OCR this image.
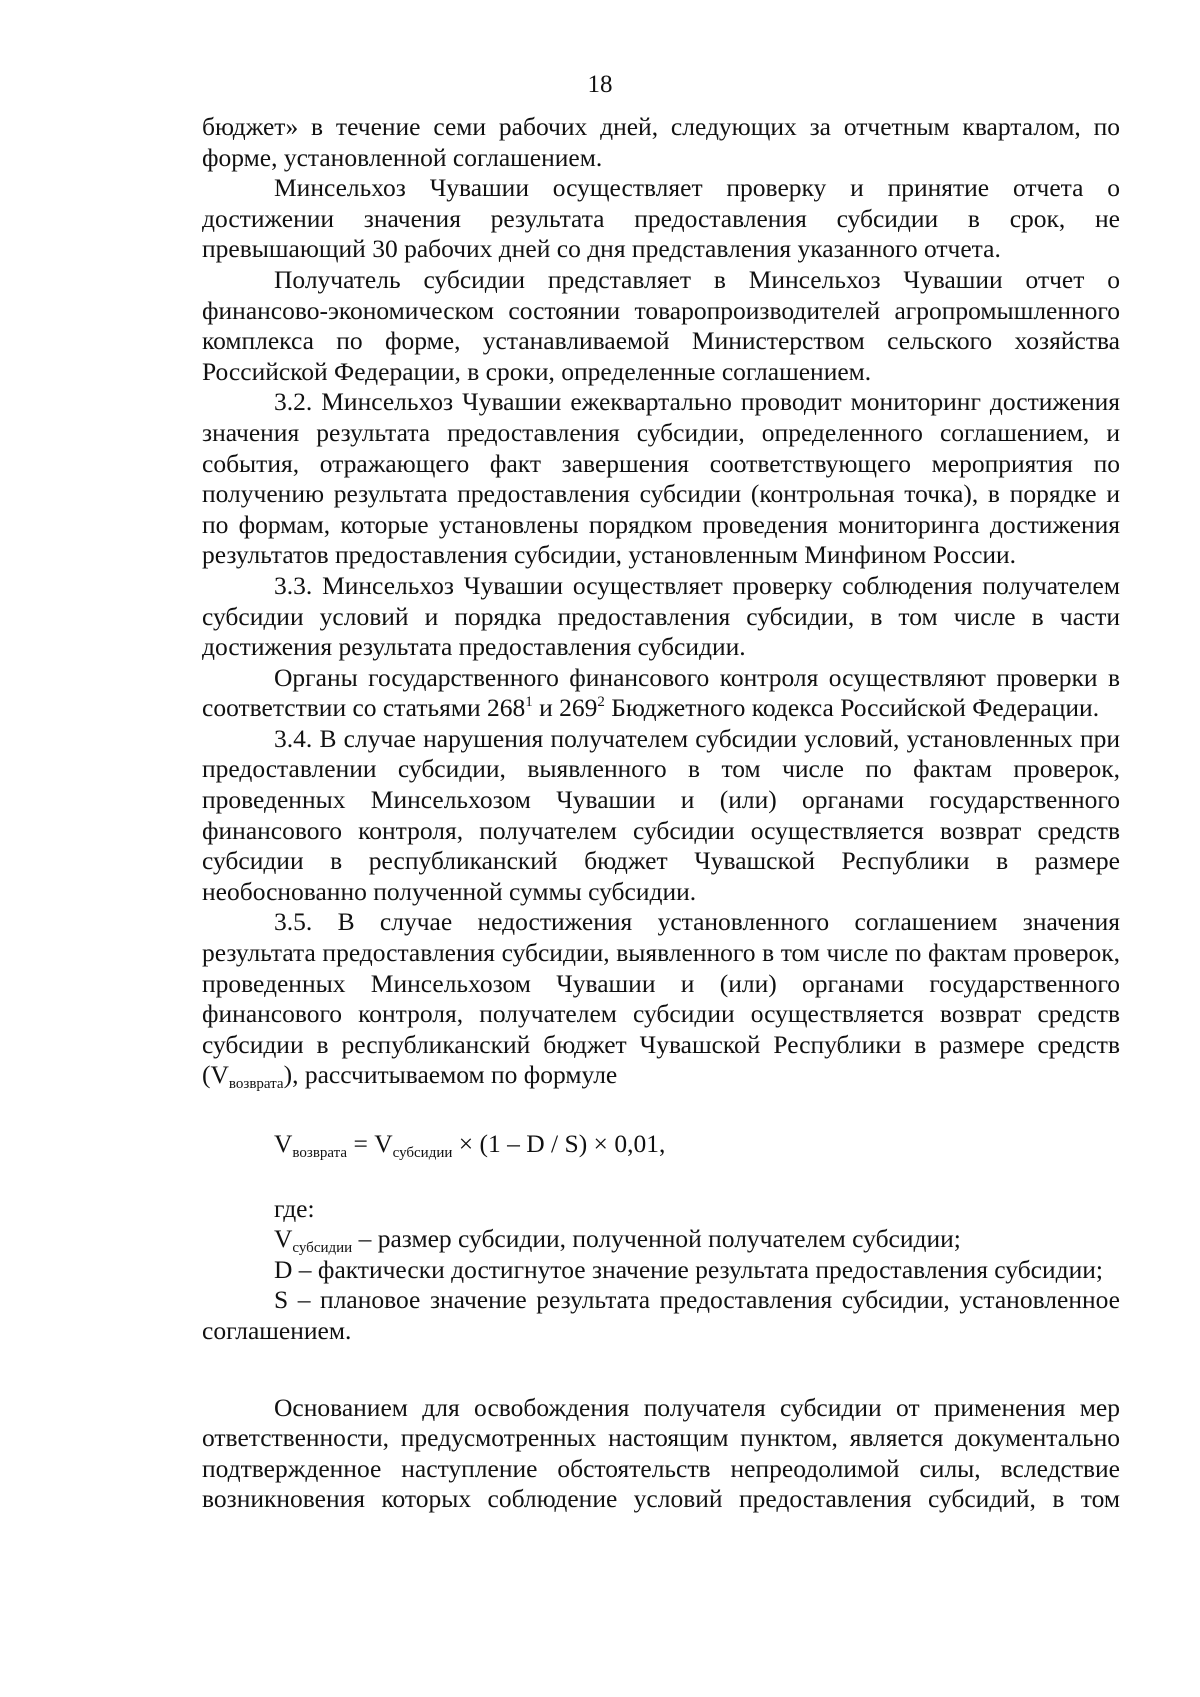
18

бюджет» в течение семи рабочих дней, следующих за отчетным кварталом, по форме, установленной соглашением.

Минсельхоз Чувашии осуществляет проверку и принятие отчета о достижении значения результата предоставления субсидии в срок, не превышающий 30 рабочих дней со дня представления указанного отчета.

Получатель субсидии представляет в Минсельхоз Чувашии отчет о финансово-экономическом состоянии товаропроизводителей агропромышленного комплекса по форме, устанавливаемой Министерством сельского хозяйства Российской Федерации, в сроки, определенные соглашением.

3.2. Минсельхоз Чувашии ежеквартально проводит мониторинг достижения значения результата предоставления субсидии, определенного соглашением, и события, отражающего факт завершения соответствующего мероприятия по получению результата предоставления субсидии (контрольная точка), в порядке и по формам, которые установлены порядком проведения мониторинга достижения результатов предоставления субсидии, установленным Минфином России.

3.3. Минсельхоз Чувашии осуществляет проверку соблюдения получателем субсидии условий и порядка предоставления субсидии, в том числе в части достижения результата предоставления субсидии.

Органы государственного финансового контроля осуществляют проверки в соответствии со статьями $268^1$ и $269^2$ Бюджетного кодекса Российской Федерации.

3.4. В случае нарушения получателем субсидии условий, установленных при предоставлении субсидии, выявленного в том числе по фактам проверок, проведенных Минсельхозом Чувашии и (или) органами государственного финансового контроля, получателем субсидии осуществляется возврат средств субсидии в республиканский бюджет Чувашской Республики в размере необоснованно полученной суммы субсидии.

3.5. В случае недостижения установленного соглашением значения результата предоставления субсидии, выявленного в том числе по фактам проверок, проведенных Минсельхозом Чувашии и (или) органами государственного финансового контроля, получателем субсидии осуществляется возврат средств субсидии в республиканский бюджет Чувашской Республики в размере средств $(V_{возврата})$, рассчитываемом по формуле

$V_{возврата} = V_{субсидии} \times (1 - D / S) \times 0,01$,

где:

$V_{субсидии}$ – размер субсидии, полученной получателем субсидии;

D – фактически достигнутое значение результата предоставления субсидии;

S – плановое значение результата предоставления субсидии, установленное соглашением.

Основанием для освобождения получателя субсидии от применения мер ответственности, предусмотренных настоящим пунктом, является документально подтвержденное наступление обстоятельств непреодолимой силы, вследствие возникновения которых соблюдение условий предоставления субсидий, в том
